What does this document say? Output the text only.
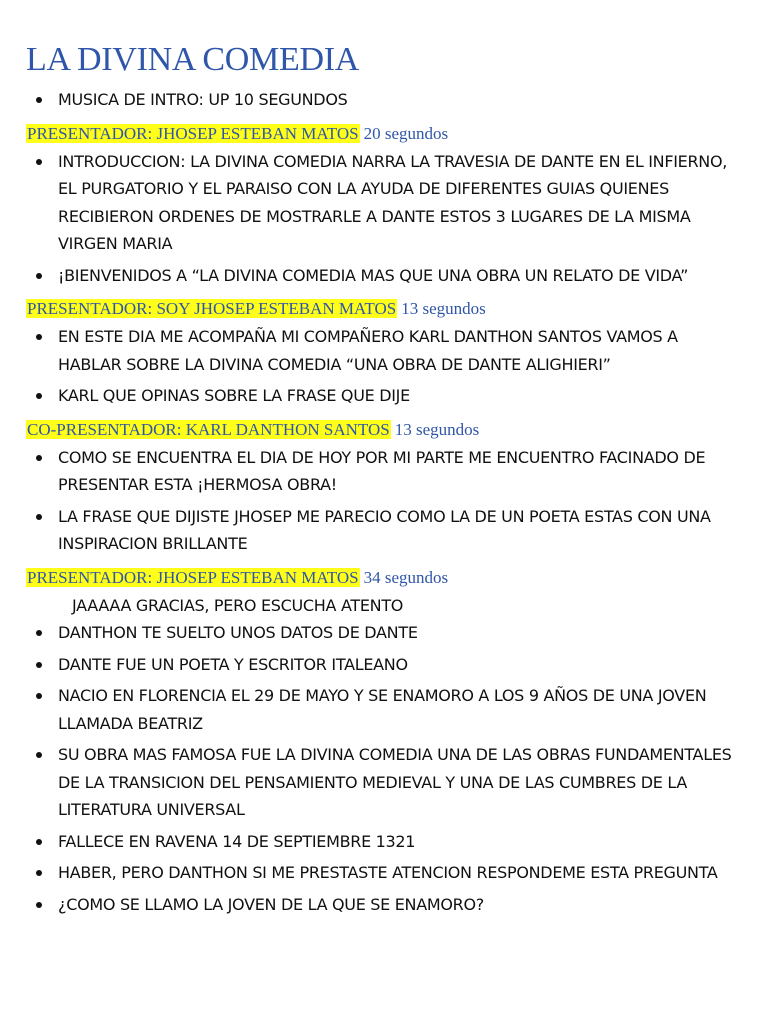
LA DIVINA COMEDIA
MUSICA DE INTRO: UP 10 SEGUNDOS
PRESENTADOR: JHOSEP ESTEBAN MATOS 20 segundos
INTRODUCCION: LA DIVINA COMEDIA NARRA LA TRAVESIA DE DANTE EN EL INFIERNO, EL PURGATORIO Y EL PARAISO CON LA AYUDA DE DIFERENTES GUIAS QUIENES RECIBIERON ORDENES DE MOSTRARLE A DANTE ESTOS 3 LUGARES DE LA MISMA VIRGEN MARIA
¡BIENVENIDOS A “LA DIVINA COMEDIA MAS QUE UNA OBRA UN RELATO DE VIDA”
PRESENTADOR: SOY JHOSEP ESTEBAN MATOS 13 segundos
EN ESTE DIA ME ACOMPAÑA MI COMPAÑERO KARL DANTHON SANTOS VAMOS A HABLAR SOBRE LA DIVINA COMEDIA “UNA OBRA DE DANTE ALIGHIERI”
KARL QUE OPINAS SOBRE LA FRASE QUE DIJE
CO-PRESENTADOR: KARL DANTHON SANTOS 13 segundos
COMO SE ENCUENTRA EL DIA DE HOY POR MI PARTE ME ENCUENTRO FACINADO DE PRESENTAR ESTA ¡HERMOSA OBRA!
LA FRASE QUE DIJISTE JHOSEP ME PARECIO COMO LA DE UN POETA ESTAS CON UNA INSPIRACION BRILLANTE
PRESENTADOR: JHOSEP ESTEBAN MATOS 34 segundos
JAAAAA GRACIAS, PERO ESCUCHA ATENTO
DANTHON TE SUELTO UNOS DATOS DE DANTE
DANTE FUE UN POETA Y ESCRITOR ITALEANO
NACIO EN FLORENCIA EL 29 DE MAYO Y SE ENAMORO A LOS 9 AÑOS DE UNA JOVEN LLAMADA BEATRIZ
SU OBRA MAS FAMOSA FUE LA DIVINA COMEDIA UNA DE LAS OBRAS FUNDAMENTALES DE LA TRANSICION DEL PENSAMIENTO MEDIEVAL Y UNA DE LAS CUMBRES DE LA LITERATURA UNIVERSAL
FALLECE EN RAVENA 14 DE SEPTIEMBRE 1321
HABER, PERO DANTHON SI ME PRESTASTE ATENCION RESPONDEME ESTA PREGUNTA
¿COMO SE LLAMO LA JOVEN DE LA QUE SE ENAMORO?
